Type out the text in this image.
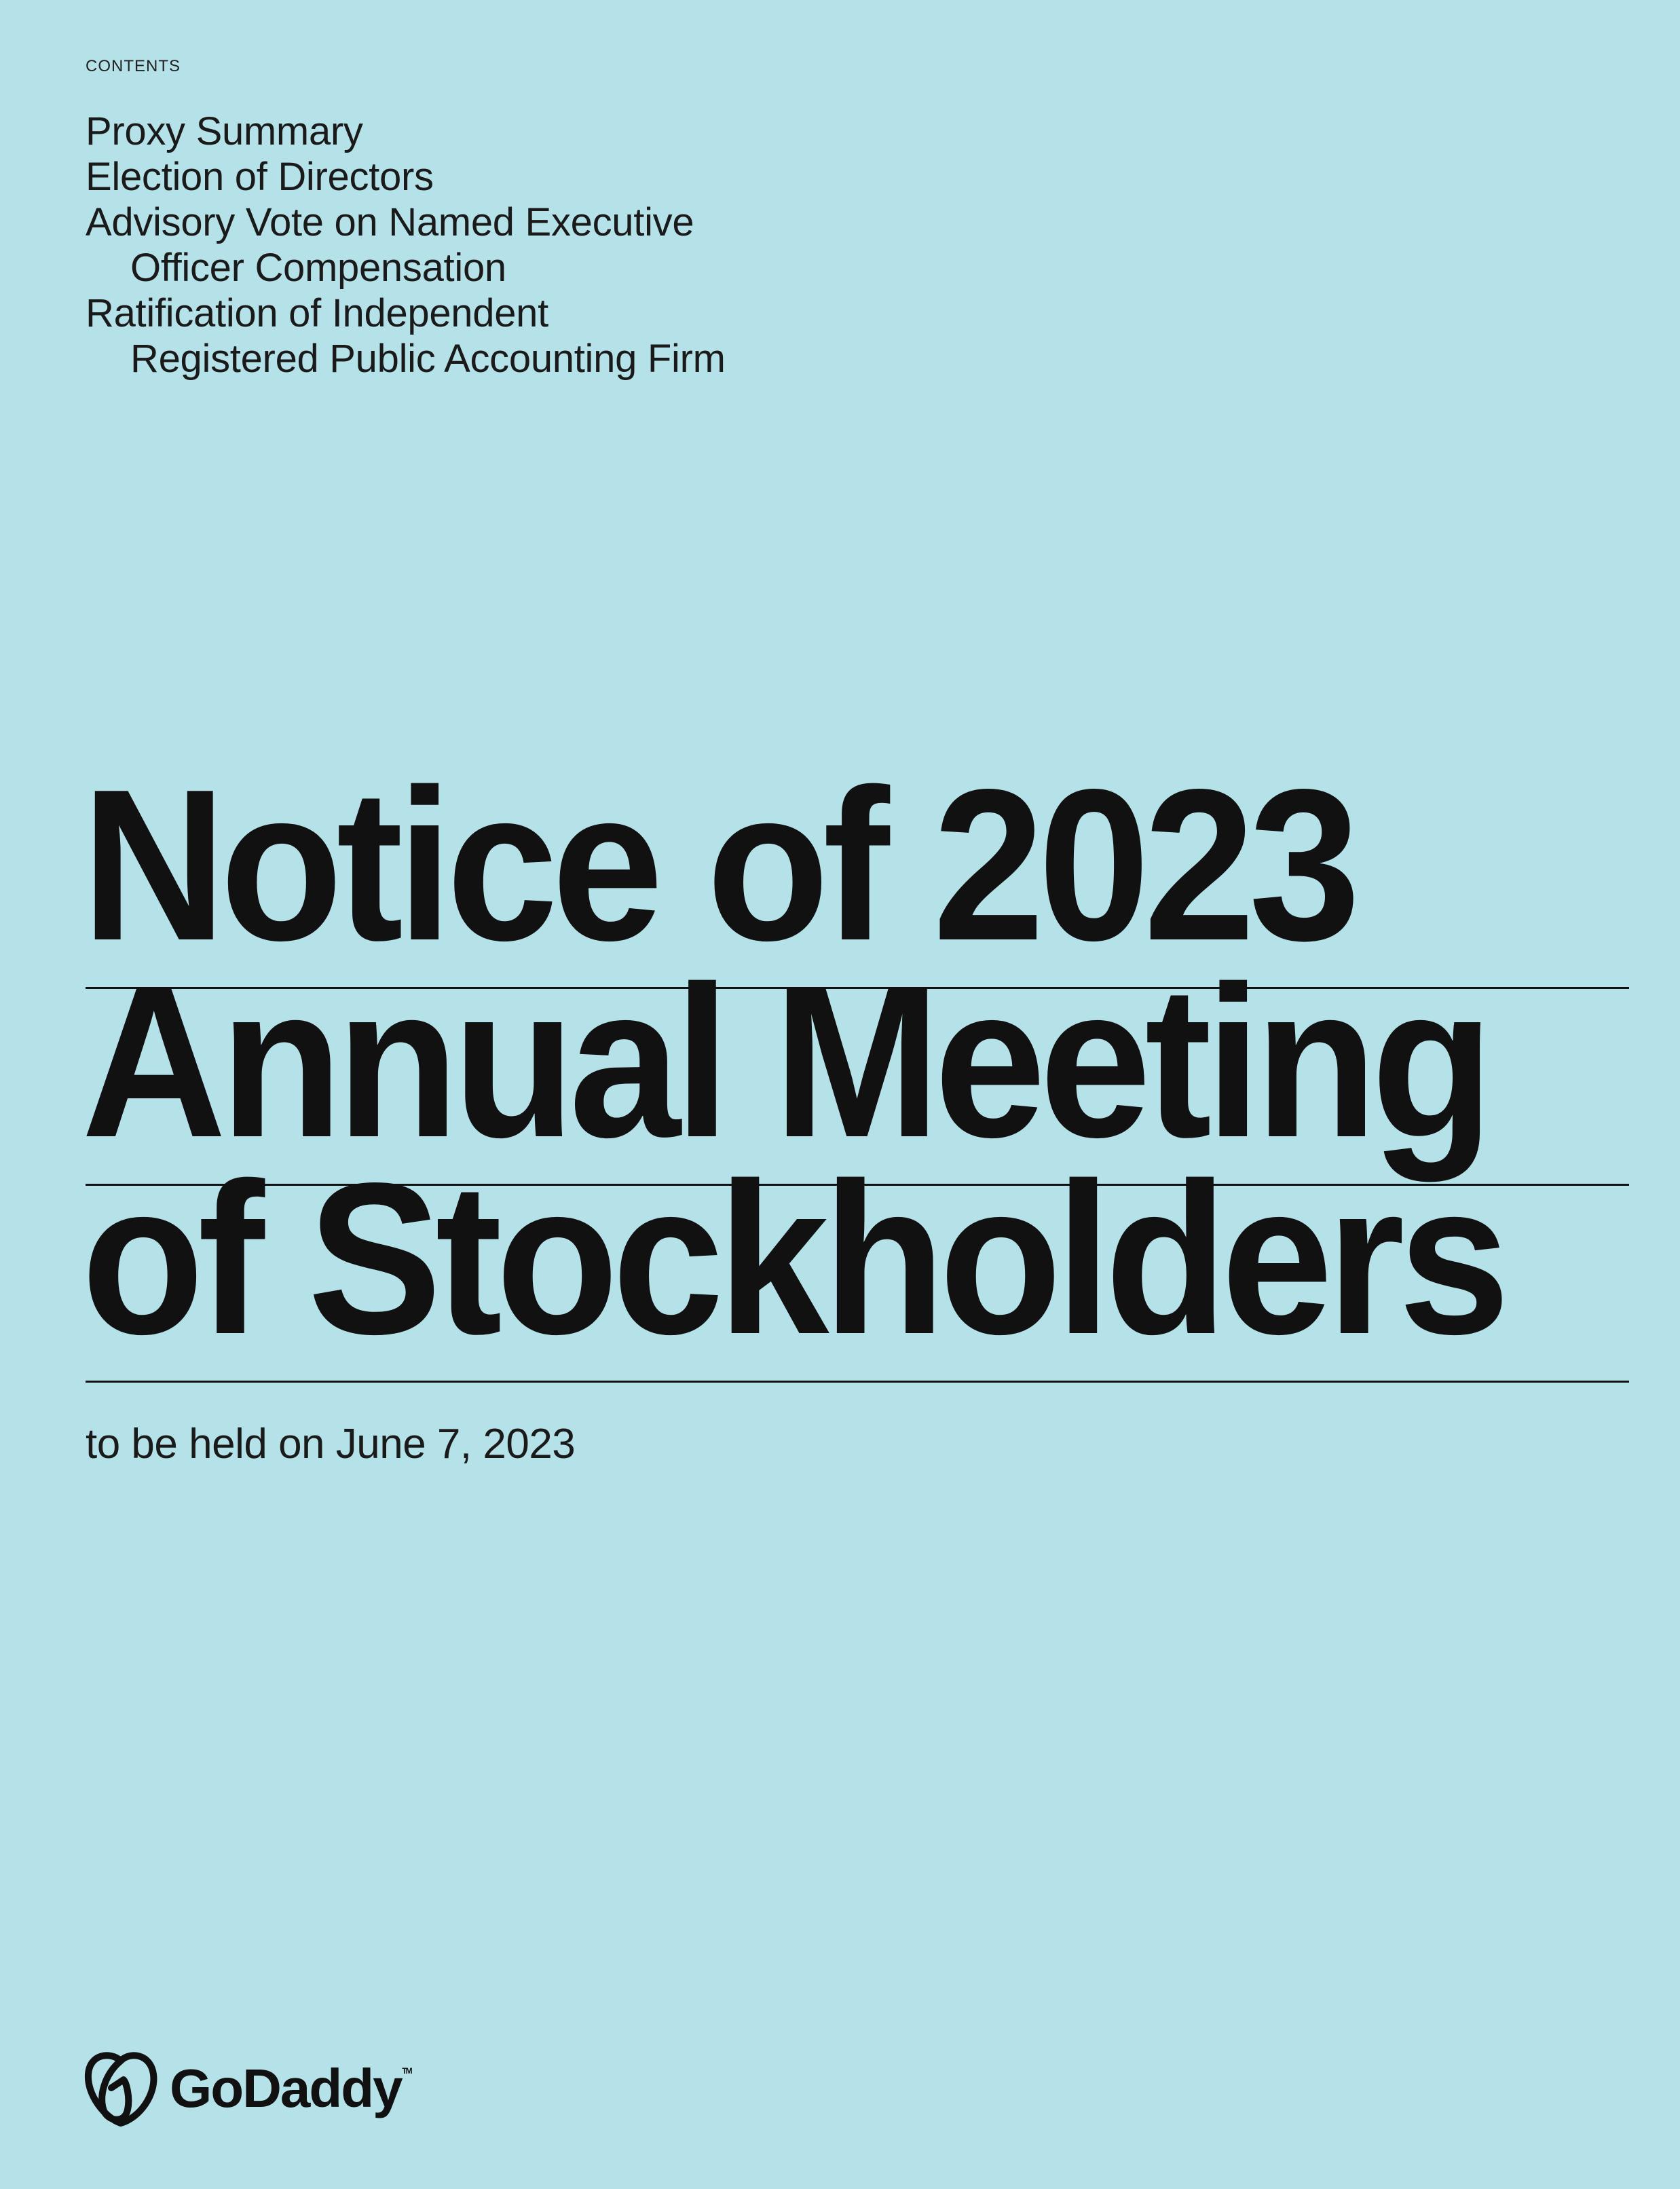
CONTENTS
Proxy Summary
Election of Directors
Advisory Vote on Named Executive
Officer Compensation
Ratification of Independent
Registered Public Accounting Firm
Notice of 2023
Annual Meeting
of Stockholders
to be held on June 7, 2023
GoDaddy TM
